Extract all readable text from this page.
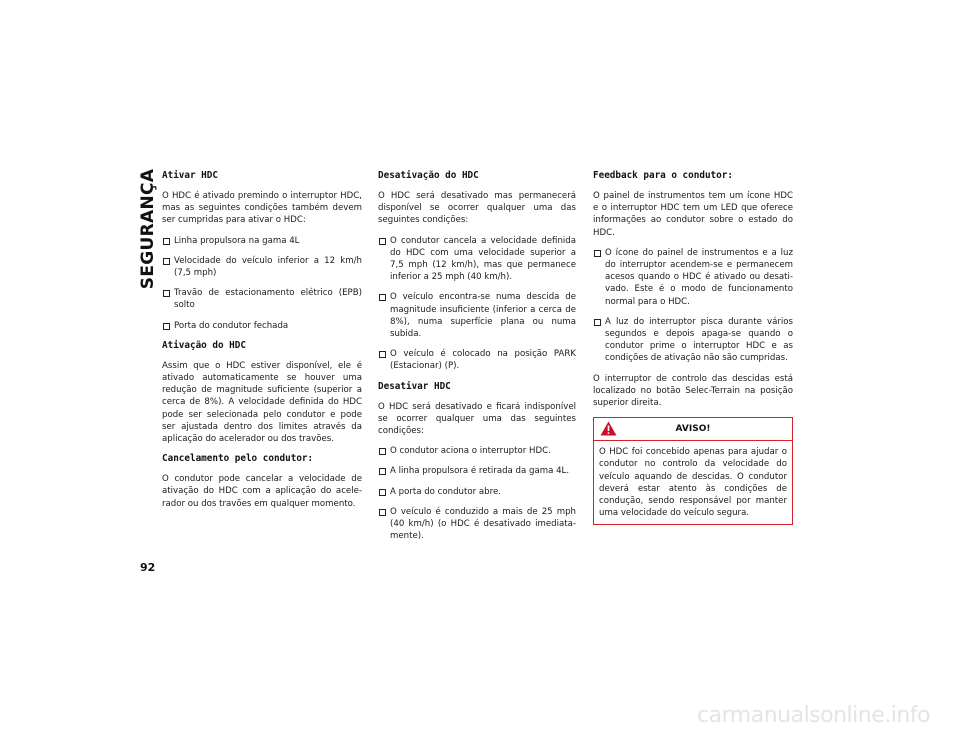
SEGURANÇA Ativar HDC
O HDC é ativado premindo o interruptor HDC, mas as seguintes condições também devem ser cumpridas para ativar o HDC:
Linha propulsora na gama 4L
Velocidade do veículo inferior a 12 km/h (7,5 mph)
Travão de estacionamento elétrico (EPB) solto
Porta do condutor fechada
Ativação do HDC
Assim que o HDC estiver disponível, ele é ativado automaticamente se houver uma redução de magnitude suficiente (superior a cerca de 8%). A velocidade definida do HDC pode ser selecionada pelo condutor e pode ser ajustada dentro dos limites através da aplicação do acelerador ou dos travões.
Cancelamento pelo condutor:
O condutor pode cancelar a velocidade de ativação do HDC com a aplicação do acele-rador ou dos travões em qualquer momento.
Desativação do HDC
O HDC será desativado mas permanecerá disponível se ocorrer qualquer uma das seguintes condições:
O condutor cancela a velocidade definida do HDC com uma velocidade superior a 7,5 mph (12 km/h), mas que permanece inferior a 25 mph (40 km/h).
O veículo encontra-se numa descida de magnitude insuficiente (inferior a cerca de 8%), numa superfície plana ou numa subida.
O veículo é colocado na posição PARK (Estacionar) (P).
Desativar HDC
O HDC será desativado e ficará indisponível se ocorrer qualquer uma das seguintes condições:
O condutor aciona o interruptor HDC.
A linha propulsora é retirada da gama 4L.
A porta do condutor abre.
O veículo é conduzido a mais de 25 mph (40 km/h) (o HDC é desativado imediata-mente).
Feedback para o condutor:
O painel de instrumentos tem um ícone HDC e o interruptor HDC tem um LED que oferece informações ao condutor sobre o estado do HDC.
O ícone do painel de instrumentos e a luz do interruptor acendem-se e permanecem acesos quando o HDC é ativado ou desati-vado. Este é o modo de funcionamento normal para o HDC.
A luz do interruptor pisca durante vários segundos e depois apaga-se quando o condutor prime o interruptor HDC e as condições de ativação não são cumpridas.
O interruptor de controlo das descidas está localizado no botão Selec-Terrain na posição superior direita.
AVISO!
O HDC foi concebido apenas para ajudar o condutor no controlo da velocidade do veículo aquando de descidas. O condutor deverá estar atento às condições de condução, sendo responsável por manter uma velocidade do veículo segura.
92
carmanualsonline.info
